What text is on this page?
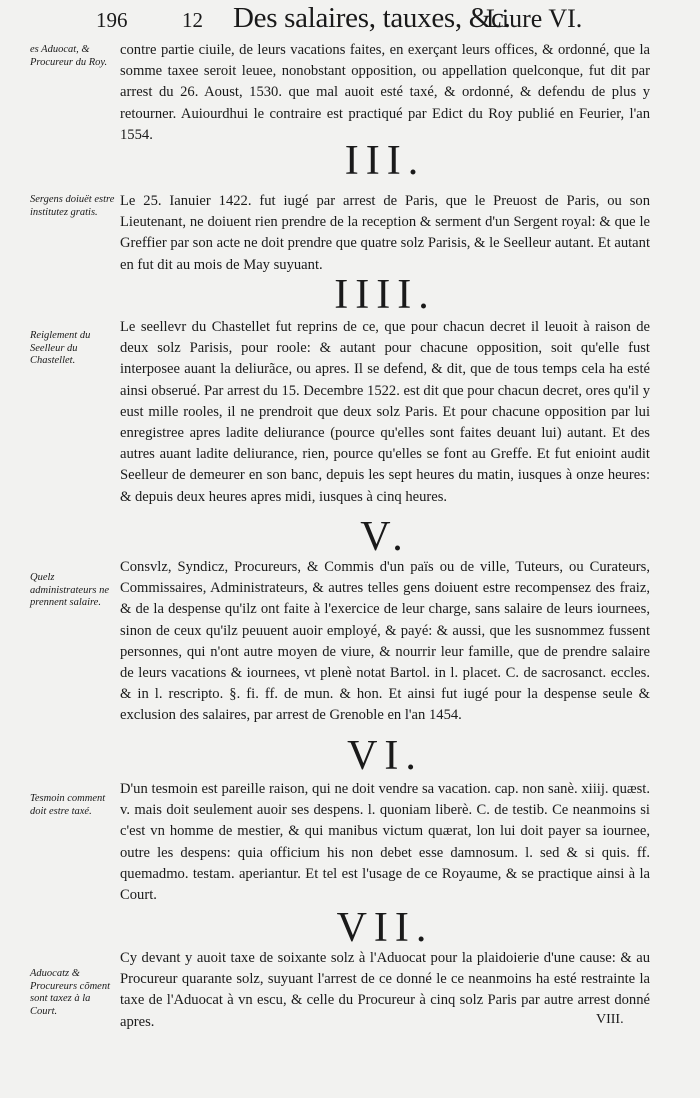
196	12 Des salaires, tauxes, &c.
Liure VI.
es Aduocat, & Procureur du Roy.
contre partie ciuile, de leurs vacations faites, en exerçant leurs offices, & ordonné, que la somme taxee seroit leuee, nonobstant opposition, ou appellation quelconque, fut dit par arrest du 26. Aoust, 1530. que mal auoit esté taxé, & ordonné, & defendu de plus y retourner. Auiourdhui le contraire est practiqué par Edict du Roy publié en Feurier, l'an 1554.
III.
Sergens doiuët estre institutez gratis.
Le 25. Ianuier 1422. fut iugé par arrest de Paris, que le Preuost de Paris, ou son Lieutenant, ne doiuent rien prendre de la reception & serment d'un Sergent royal: & que le Greffier par son acte ne doit prendre que quatre solz Parisis, & le Seelleur autant. Et autant en fut dit au mois de May suyuant.
IIII.
Reiglement du Seelleur du Chastellet.
Le seellevr du Chastellet fut reprins de ce, que pour chacun decret il leuoit à raison de deux solz Parisis, pour roole: & autant pour chacune opposition, soit qu'elle fust interposee auant la deliurãce, ou apres. Il se defend, & dit, que de tous temps cela ha esté ainsi obserué. Par arrest du 15. Decembre 1522. est dit que pour chacun decret, ores qu'il y eust mille rooles, il ne prendroit que deux solz Paris. Et pour chacune opposition par lui enregistree apres ladite deliurance (pource qu'elles sont faites deuant lui) autant. Et des autres auant ladite deliurance, rien, pource qu'elles se font au Greffe. Et fut enioint audit Seelleur de demeurer en son banc, depuis les sept heures du matin, iusques à onze heures: & depuis deux heures apres midi, iusques à cinq heures.
V.
Quelz administrateurs ne prennent salaire.
Consvlz, Syndicz, Procureurs, & Commis d'un païs ou de ville, Tuteurs, ou Curateurs, Commissaires, Administrateurs, & autres telles gens doiuent estre recompensez des fraiz, & de la despense qu'ilz ont faite à l'exercice de leur charge, sans salaire de leurs iournees, sinon de ceux qu'ilz peuuent auoir employé, & payé: & aussi, que les susnommez fussent personnes, qui n'ont autre moyen de viure, & nourrir leur famille, que de prendre salaire de leurs vacations & iournees, vt plenè notat Bartol. in l. placet. C. de sacrosanct. eccles. & in l. rescripto. §. fi. ff. de mun. & hon. Et ainsi fut iugé pour la despense seule & exclusion des salaires, par arrest de Grenoble en l'an 1454.
VI.
Tesmoin comment doit estre taxé.
D'un tesmoin est pareille raison, qui ne doit vendre sa vacation. cap. non sanè. xiiij. quæst. v. mais doit seulement auoir ses despens. l. quoniam liberè. C. de testib. Ce neanmoins si c'est vn homme de mestier, & qui manibus victum quærat, lon lui doit payer sa iournee, outre les despens: quia officium his non debet esse damnosum. l. sed & si quis. ff. quemadmo. testam. aperiantur. Et tel est l'usage de ce Royaume, & se practique ainsi à la Court.
VII.
Aduocatz & Procureurs cõment sont taxez à la Court.
Cy devant y auoit taxe de soixante solz à l'Aduocat pour la plaidoierie d'une cause: & au Procureur quarante solz, suyuant l'arrest de ce donné le ce neanmoins ha esté restrainte la taxe de l'Aduocat à vn escu, & celle du Procureur à cinq solz Paris par autre arrest donné apres.	VIII.
